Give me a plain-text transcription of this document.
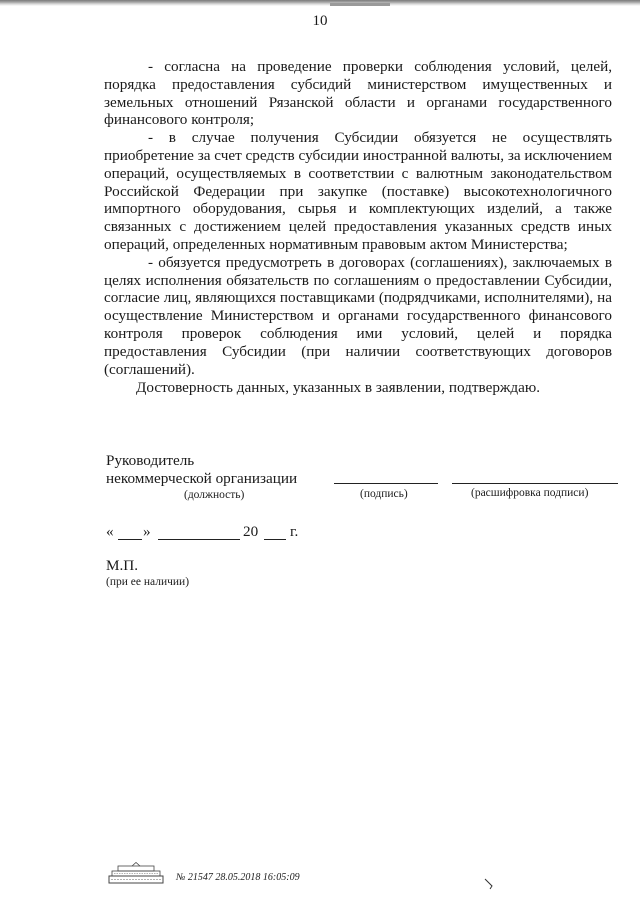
10

- согласна на проведение проверки соблюдения условий, целей, порядка предоставления субсидий министерством имущественных и земельных отношений Рязанской области и органами государственного финансового контроля;

- в случае получения Субсидии обязуется не осуществлять приобретение за счет средств субсидии иностранной валюты, за исключением операций, осуществляемых в соответствии с валютным законодательством Российской Федерации при закупке (поставке) высокотехнологичного импортного оборудования, сырья и комплектующих изделий, а также связанных с достижением целей предоставления указанных средств иных операций, определенных нормативным правовым актом Министерства;

- обязуется предусмотреть в договорах (соглашениях), заключаемых в целях исполнения обязательств по соглашениям о предоставлении Субсидии, согласие лиц, являющихся поставщиками (подрядчиками, исполнителями), на осуществление Министерством и органами государственного финансового контроля проверок соблюдения ими условий, целей и порядка предоставления Субсидии (при наличии соответствующих договоров (соглашений).

Достоверность данных, указанных в заявлении, подтверждаю.

Руководитель
некоммерческой организации
(должность)	(подпись)	(расшифровка подписи)
« »	20 г.
М.П.
(при ее наличии)
№ 21547 28.05.2018 16:05:09
